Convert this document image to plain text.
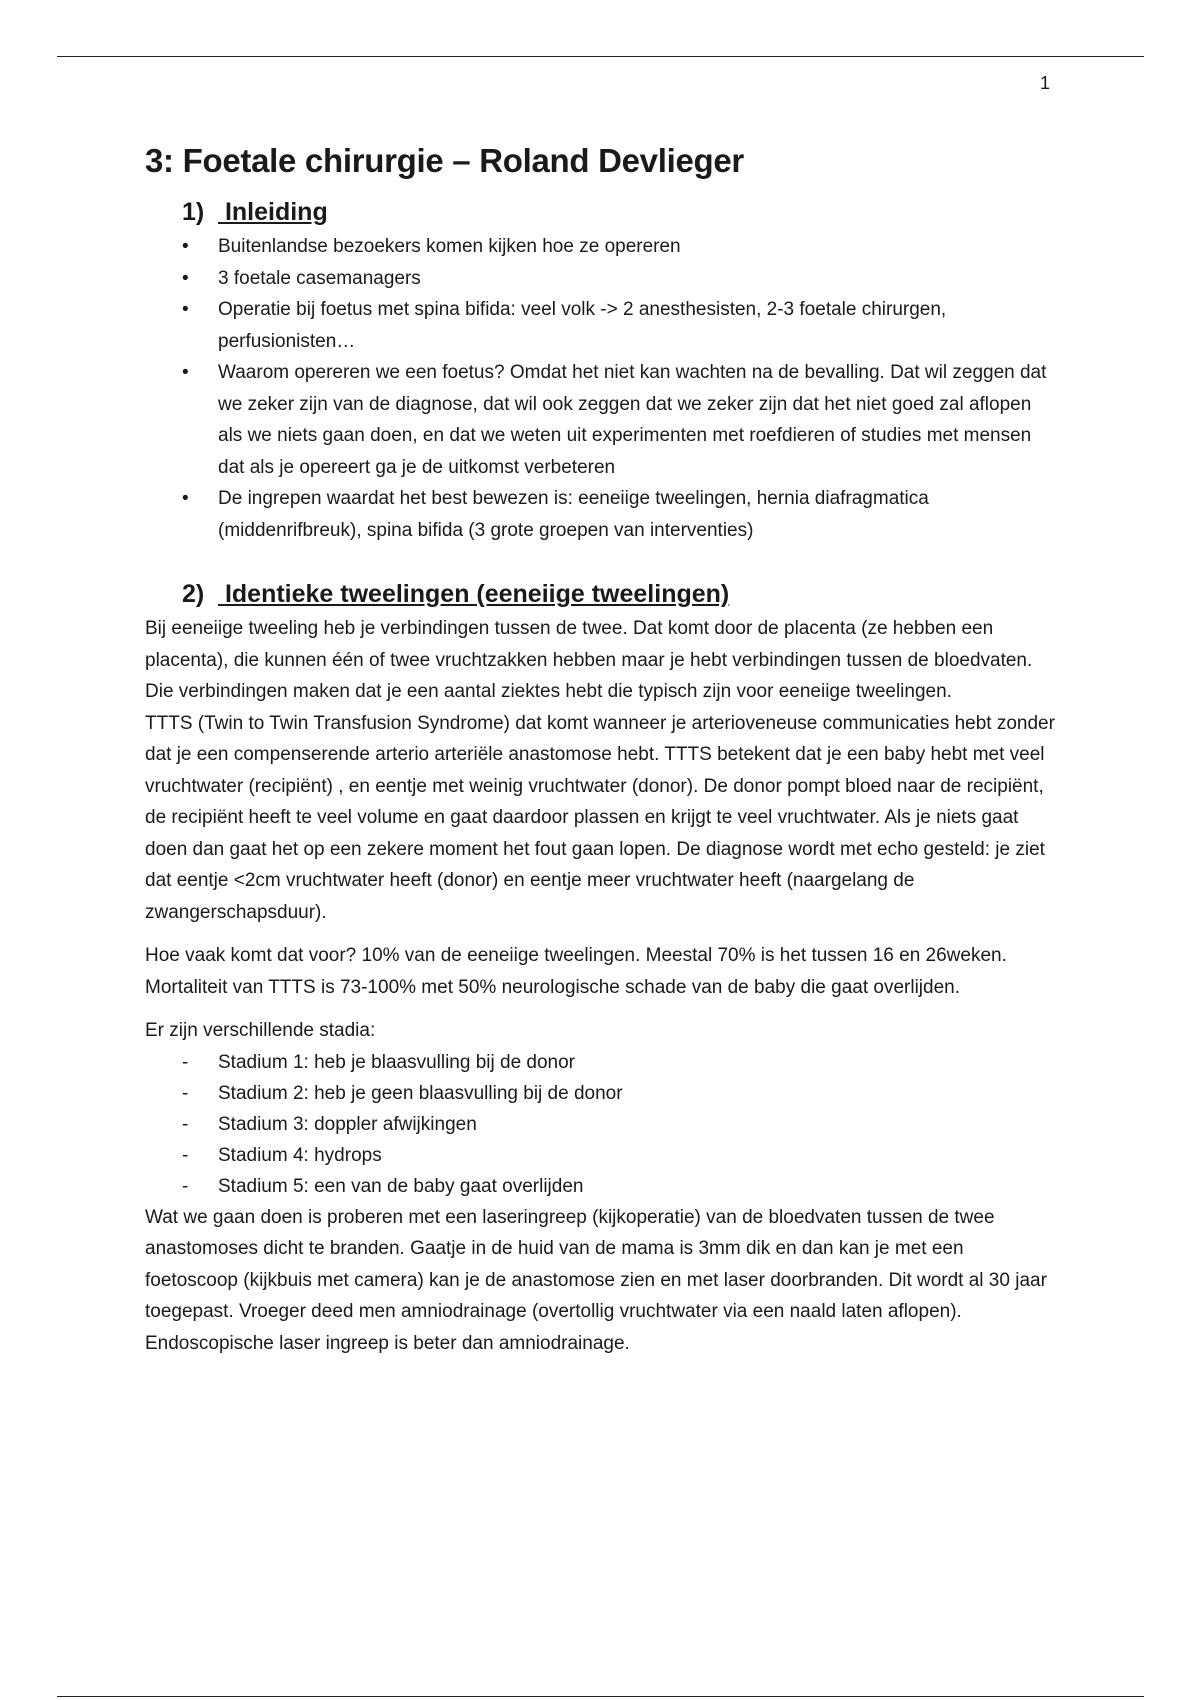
1
3: Foetale chirurgie – Roland Devlieger
1) Inleiding
• Buitenlandse bezoekers komen kijken hoe ze opereren
• 3 foetale casemanagers
• Operatie bij foetus met spina bifida: veel volk -> 2 anesthesisten, 2-3 foetale chirurgen, perfusionisten…
• Waarom opereren we een foetus? Omdat het niet kan wachten na de bevalling. Dat wil zeggen dat we zeker zijn van de diagnose, dat wil ook zeggen dat we zeker zijn dat het niet goed zal aflopen als we niets gaan doen, en dat we weten uit experimenten met roefdieren of studies met mensen dat als je opereert ga je de uitkomst verbeteren
• De ingrepen waardat het best bewezen is: eeneiige tweelingen, hernia diafragmatica (middenrifbreuk), spina bifida (3 grote groepen van interventies)
2) Identieke tweelingen (eeneiige tweelingen)

Bij eeneiige tweeling heb je verbindingen tussen de twee. Dat komt door de placenta (ze hebben een placenta), die kunnen één of twee vruchtzakken hebben maar je hebt verbindingen tussen de bloedvaten. Die verbindingen maken dat je een aantal ziektes hebt die typisch zijn voor eeneiige tweelingen.

TTTS (Twin to Twin Transfusion Syndrome) dat komt wanneer je arterioveneuse communicaties hebt zonder dat je een compenserende arterio arteriële anastomose hebt. TTTS betekent dat je een baby hebt met veel vruchtwater (recipiënt) , en eentje met weinig vruchtwater (donor). De donor pompt bloed naar de recipiënt, de recipiënt heeft te veel volume en gaat daardoor plassen en krijgt te veel vruchtwater. Als je niets gaat doen dan gaat het op een zekere moment het fout gaan lopen. De diagnose wordt met echo gesteld: je ziet dat eentje <2cm vruchtwater heeft (donor) en eentje meer vruchtwater heeft (naargelang de zwangerschapsduur).

Hoe vaak komt dat voor? 10% van de eeneiige tweelingen. Meestal 70% is het tussen 16 en 26weken. Mortaliteit van TTTS is 73-100% met 50% neurologische schade van de baby die gaat overlijden.

Er zijn verschillende stadia:

- Stadium 1: heb je blaasvulling bij de donor
- Stadium 2: heb je geen blaasvulling bij de donor
- Stadium 3: doppler afwijkingen
- Stadium 4: hydrops
- Stadium 5: een van de baby gaat overlijden

Wat we gaan doen is proberen met een laseringreep (kijkoperatie) van de bloedvaten tussen de twee anastomoses dicht te branden. Gaatje in de huid van de mama is 3mm dik en dan kan je met een foetoscoop (kijkbuis met camera) kan je de anastomose zien en met laser doorbranden. Dit wordt al 30 jaar toegepast. Vroeger deed men amniodrainage (overtollig vruchtwater via een naald laten aflopen). Endoscopische laser ingreep is beter dan amniodrainage.
